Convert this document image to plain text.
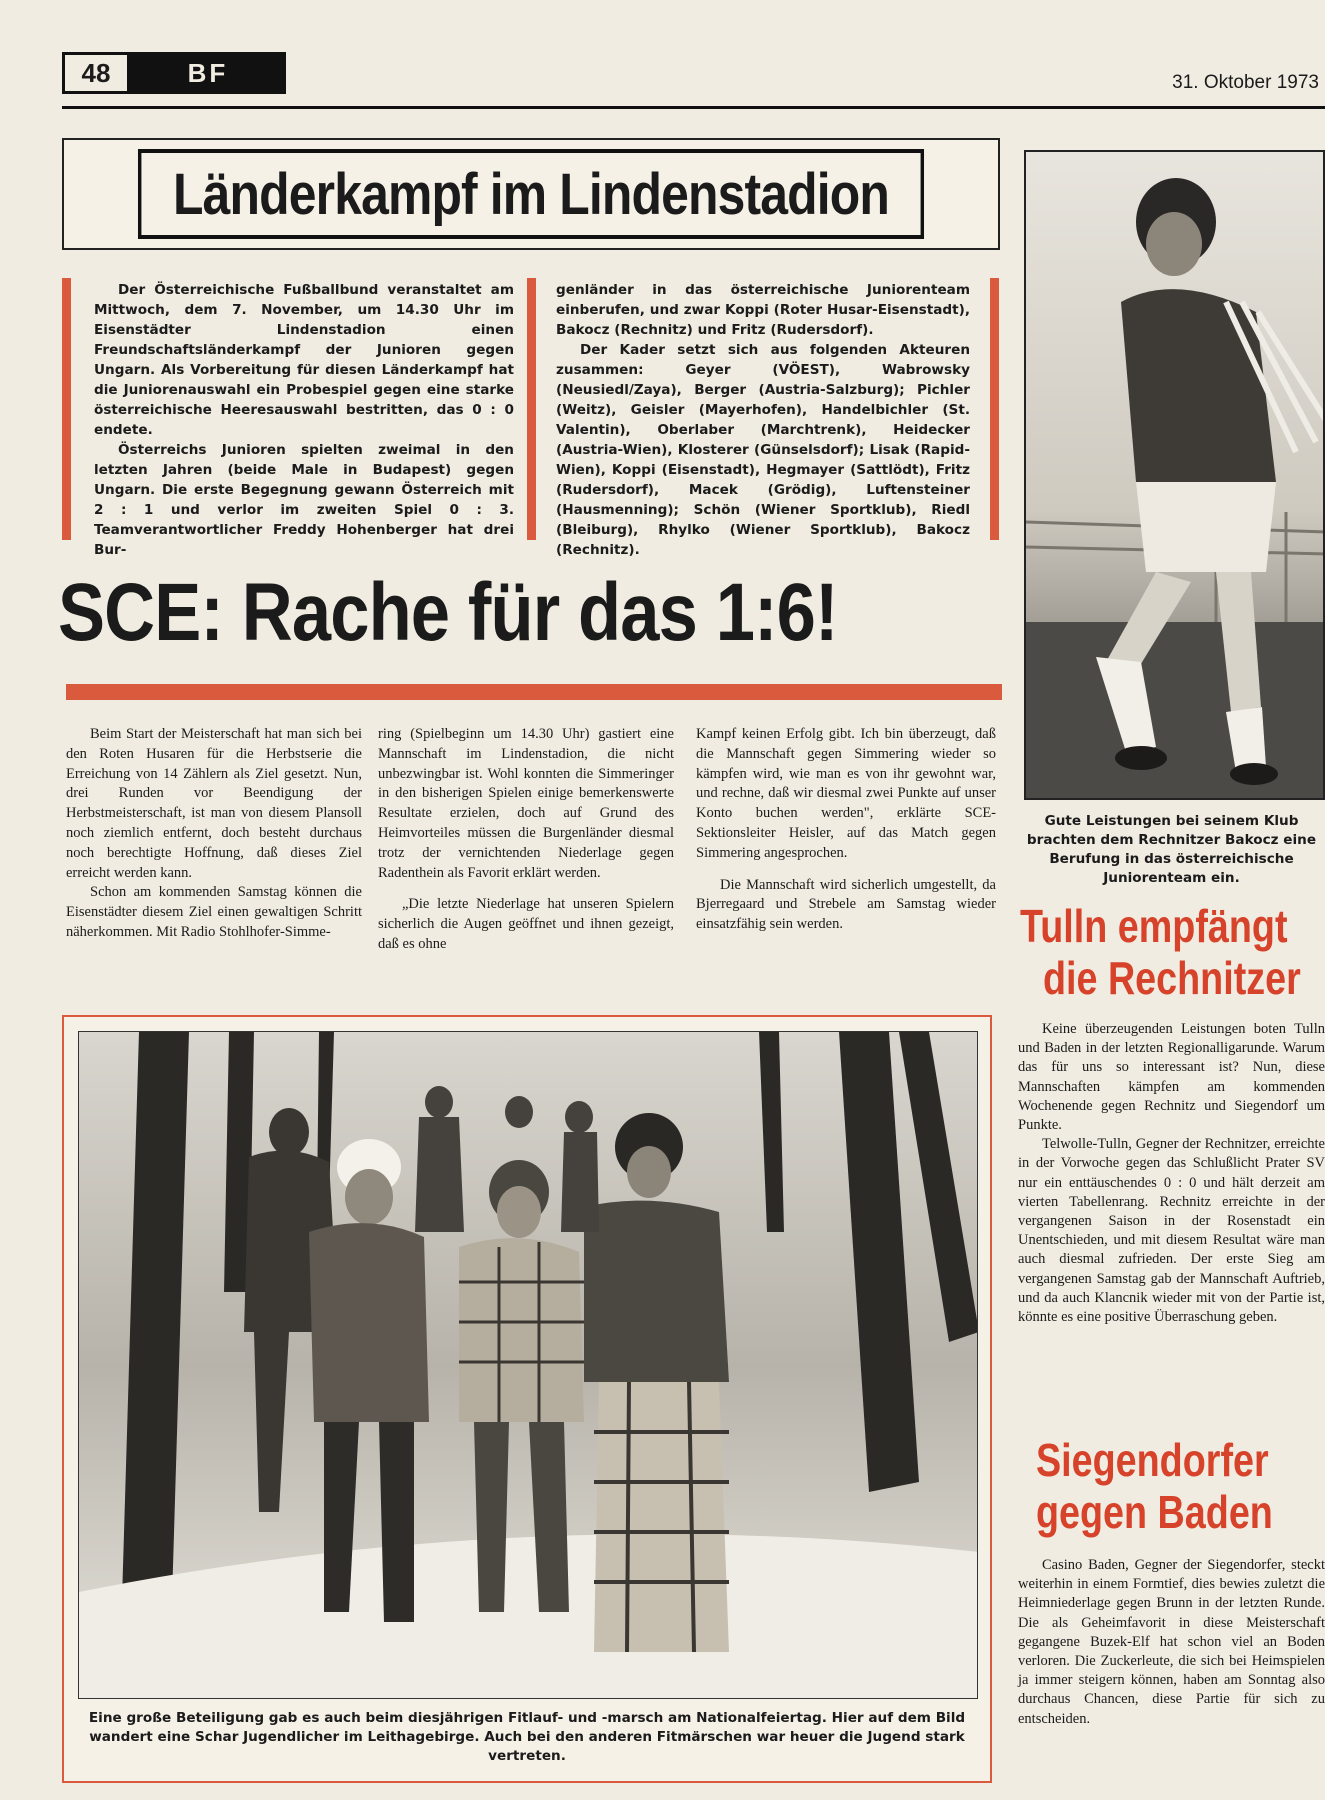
48	BF	31. Oktober 1973
Länderkampf im Lindenstadion

Der Österreichische Fußballbund veranstaltet am Mittwoch, dem 7. November, um 14.30 Uhr im Eisenstädter Lindenstadion einen Freundschaftsländerkampf der Junioren gegen Ungarn. Als Vorbereitung für diesen Länderkampf hat die Juniorenauswahl ein Probespiel gegen eine starke österreichische Heeresauswahl bestritten, das 0 : 0 endete.

Österreichs Junioren spielten zweimal in den letzten Jahren (beide Male in Budapest) gegen Ungarn. Die erste Begegnung gewann Österreich mit 2 : 1 und verlor im zweiten Spiel 0 : 3. Teamverantwortlicher Freddy Hohenberger hat drei Bur-

genländer in das österreichische Juniorenteam einberufen, und zwar Koppi (Roter Husar-Eisenstadt), Bakocz (Rechnitz) und Fritz (Rudersdorf).

Der Kader setzt sich aus folgenden Akteuren zusammen: Geyer (VÖEST), Wabrowsky (Neusiedl/Zaya), Berger (Austria-Salzburg); Pichler (Weitz), Geisler (Mayerhofen), Handelbichler (St. Valentin), Oberlaber (Marchtrenk), Heidecker (Austria-Wien), Klosterer (Günselsdorf); Lisak (Rapid-Wien), Koppi (Eisenstadt), Hegmayer (Sattlödt), Fritz (Rudersdorf), Macek (Grödig), Luftensteiner (Hausmenning); Schön (Wiener Sportklub), Riedl (Bleiburg), Rhylko (Wiener Sportklub), Bakocz (Rechnitz).

SCE: Rache für das 1:6!

Beim Start der Meisterschaft hat man sich bei den Roten Husaren für die Herbstserie die Erreichung von 14 Zählern als Ziel gesetzt. Nun, drei Runden vor Beendigung der Herbstmeisterschaft, ist man von diesem Plansoll noch ziemlich entfernt, doch besteht durchaus noch berechtigte Hoffnung, daß dieses Ziel erreicht werden kann.

Schon am kommenden Samstag können die Eisenstädter diesem Ziel einen gewaltigen Schritt näherkommen. Mit Radio Stohlhofer-Simme-

ring (Spielbeginn um 14.30 Uhr) gastiert eine Mannschaft im Lindenstadion, die nicht unbezwingbar ist. Wohl konnten die Simmeringer in den bisherigen Spielen einige bemerkenswerte Resultate erzielen, doch auf Grund des Heimvorteiles müssen die Burgenländer diesmal trotz der vernichtenden Niederlage gegen Radenthein als Favorit erklärt werden.

„Die letzte Niederlage hat unseren Spielern sicherlich die Augen geöffnet und ihnen gezeigt, daß es ohne

Kampf keinen Erfolg gibt. Ich bin überzeugt, daß die Mannschaft gegen Simmering wieder so kämpfen wird, wie man es von ihr gewohnt war, und rechne, daß wir diesmal zwei Punkte auf unser Konto buchen werden", erklärte SCE-Sektionsleiter Heisler, auf das Match gegen Simmering angesprochen.

Die Mannschaft wird sicherlich umgestellt, da Bjerregaard und Strebele am Samstag wieder einsatzfähig sein werden.

Gute Leistungen bei seinem Klub brachten dem Rechnitzer Bakocz eine Berufung in das österreichische Juniorenteam ein.
Eine große Beteiligung gab es auch beim diesjährigen Fitlauf- und -marsch am Nationalfeiertag. Hier auf dem Bild wandert eine Schar Jugendlicher im Leithagebirge. Auch bei den anderen Fitmärschen war heuer die Jugend stark vertreten.
Tulln empfängt
die Rechnitzer

Keine überzeugenden Leistungen boten Tulln und Baden in der letzten Regionalligarunde. Warum das für uns so interessant ist? Nun, diese Mannschaften kämpfen am kommenden Wochenende gegen Rechnitz und Siegendorf um Punkte.

Telwolle-Tulln, Gegner der Rechnitzer, erreichte in der Vorwoche gegen das Schlußlicht Prater SV nur ein enttäuschendes 0 : 0 und hält derzeit am vierten Tabellenrang. Rechnitz erreichte in der vergangenen Saison in der Rosenstadt ein Unentschieden, und mit diesem Resultat wäre man auch diesmal zufrieden. Der erste Sieg am vergangenen Samstag gab der Mannschaft Auftrieb, und da auch Klancnik wieder mit von der Partie ist, könnte es eine positive Überraschung geben.

Siegendorfer
gegen Baden

Casino Baden, Gegner der Siegendorfer, steckt weiterhin in einem Formtief, dies bewies zuletzt die Heimniederlage gegen Brunn in der letzten Runde. Die als Geheimfavorit in diese Meisterschaft gegangene Buzek-Elf hat schon viel an Boden verloren. Die Zuckerleute, die sich bei Heimspielen ja immer steigern können, haben am Sonntag also durchaus Chancen, diese Partie für sich zu entscheiden.
